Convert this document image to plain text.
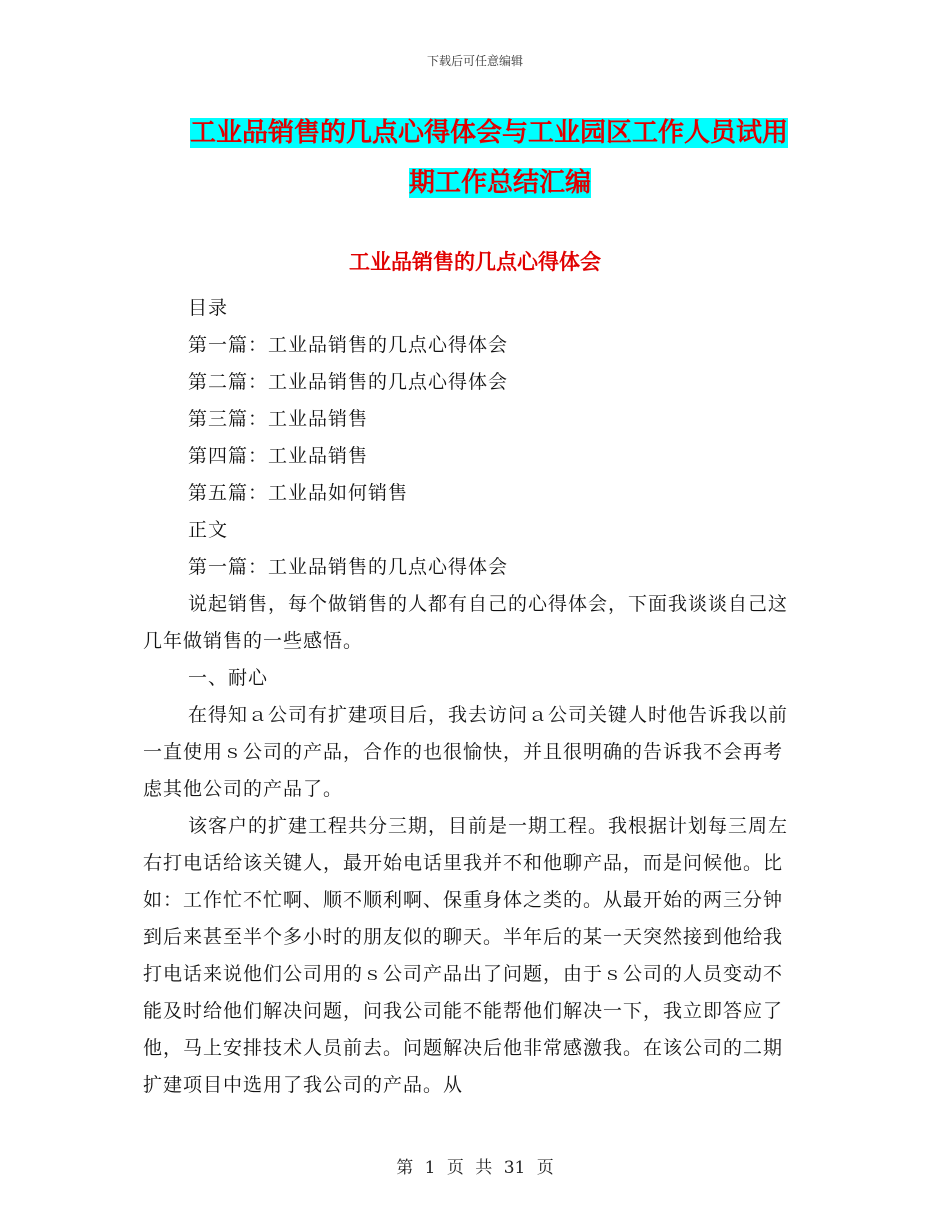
下载后可任意编辑
工业品销售的几点心得体会与工业园区工作人员试用
期工作总结汇编
工业品销售的几点心得体会

目录

第一篇：工业品销售的几点心得体会

第二篇：工业品销售的几点心得体会

第三篇：工业品销售

第四篇：工业品销售

第五篇：工业品如何销售

正文

第一篇：工业品销售的几点心得体会

说起销售，每个做销售的人都有自己的心得体会，下面我谈谈自己这几年做销售的一些感悟。

一、耐心

在得知ａ公司有扩建项目后，我去访问ａ公司关键人时他告诉我以前一直使用ｓ公司的产品，合作的也很愉快，并且很明确的告诉我不会再考虑其他公司的产品了。

该客户的扩建工程共分三期，目前是一期工程。我根据计划每三周左右打电话给该关键人，最开始电话里我并不和他聊产品，而是问候他。比如：工作忙不忙啊、顺不顺利啊、保重身体之类的。从最开始的两三分钟到后来甚至半个多小时的朋友似的聊天。半年后的某一天突然接到他给我打电话来说他们公司用的ｓ公司产品出了问题，由于ｓ公司的人员变动不能及时给他们解决问题，问我公司能不能帮他们解决一下，我立即答应了他，马上安排技术人员前去。问题解决后他非常感激我。在该公司的二期扩建项目中选用了我公司的产品。从

第 1 页 共 31 页
